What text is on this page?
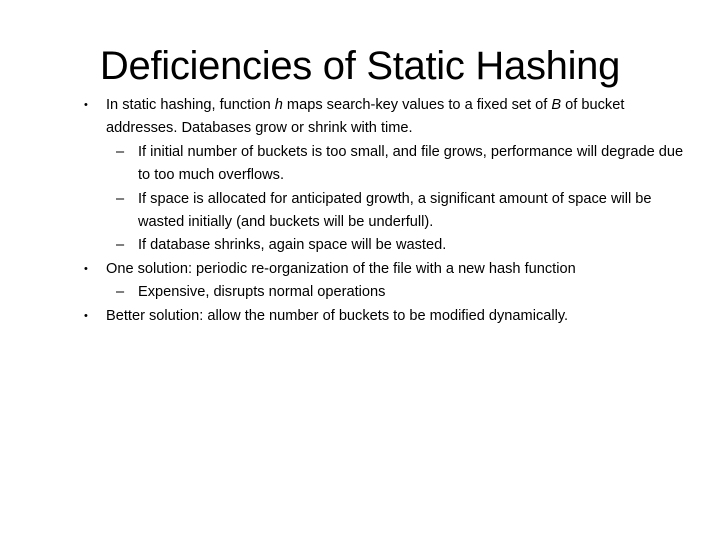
Deficiencies of Static Hashing
• In static hashing, function h maps search-key values to a fixed set of B of bucket addresses. Databases grow or shrink with time.
– If initial number of buckets is too small, and file grows, performance will degrade due to too much overflows.
– If space is allocated for anticipated growth, a significant amount of space will be wasted initially (and buckets will be underfull).
– If database shrinks, again space will be wasted.
• One solution: periodic re-organization of the file with a new hash function
– Expensive, disrupts normal operations
• Better solution: allow the number of buckets to be modified dynamically.
